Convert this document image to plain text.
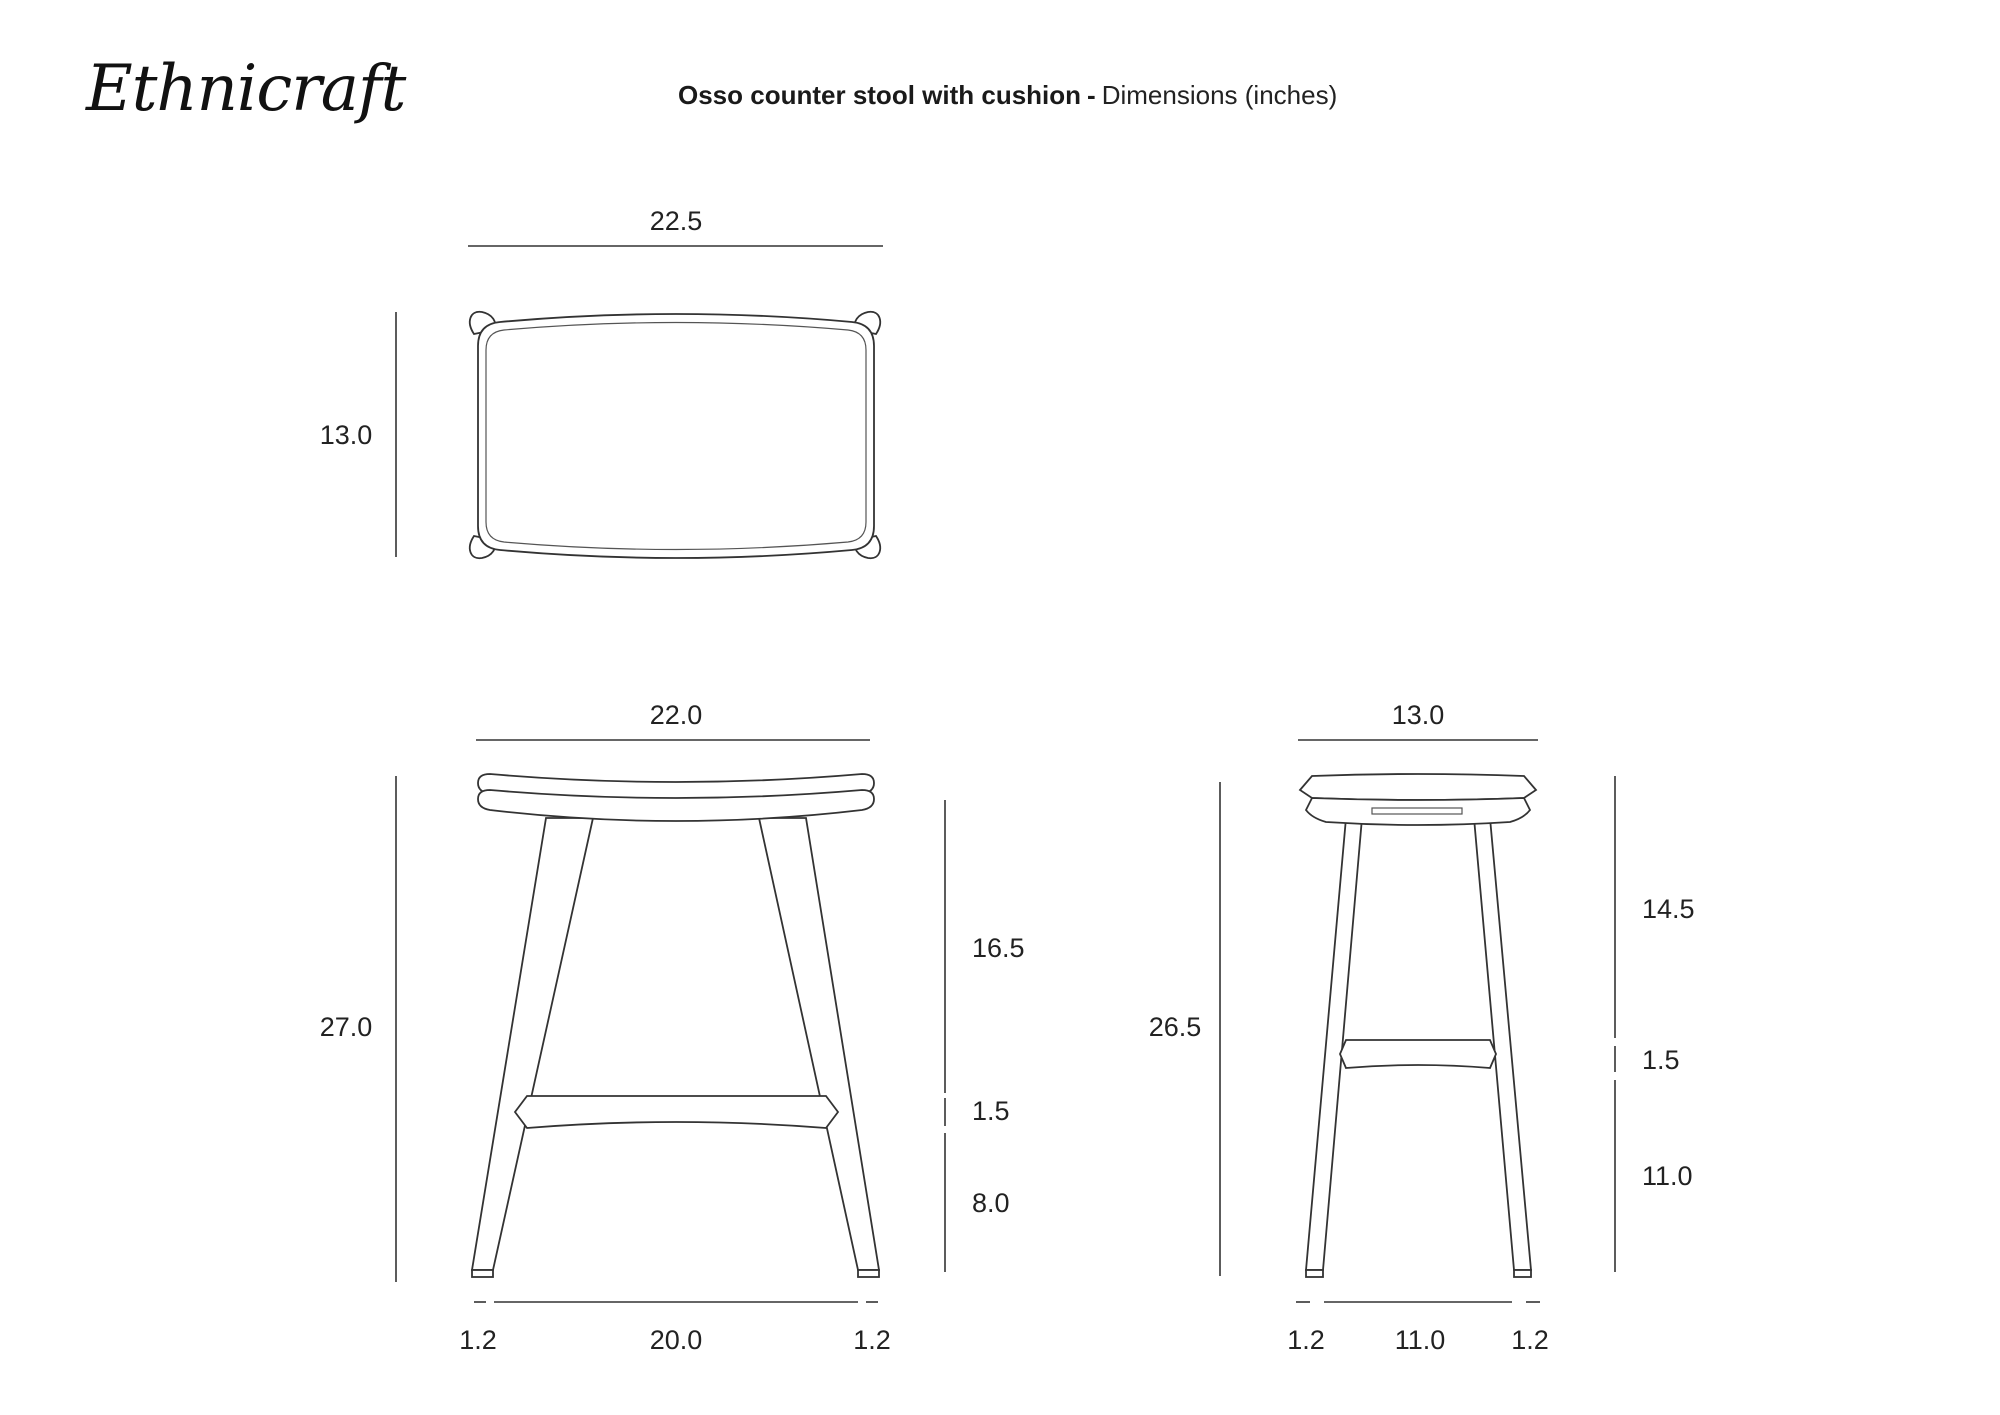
Ethnicraft	Osso counter stool with cushion - Dimensions (inches)
22.5
13.0
22.0
27.0
16.5
1.5
8.0
1.2	20.0	1.2
13.0
26.5
14.5
1.5
11.0
1.2	11.0 1.2
